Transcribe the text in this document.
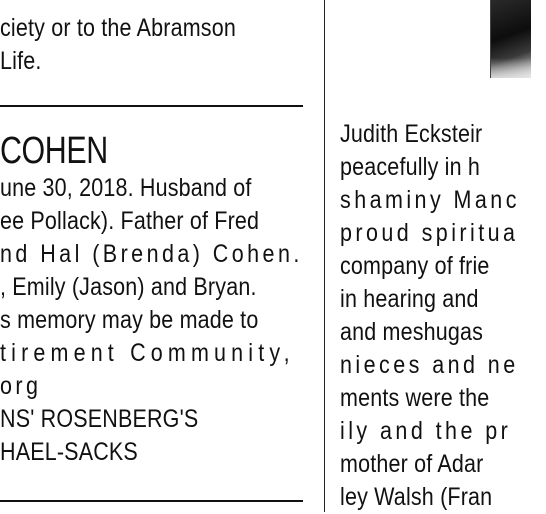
ciety or to the Abramson
Life.
COHEN
une 30, 2018. Husband of
ee Pollack). Father of Fred
nd Hal (Brenda) Cohen.
, Emily (Jason) and Bryan.
s memory may be made to
tirement Community,
org
NS' ROSENBERG'S
HAEL-SACKS
Judith Ecksteir
peacefully in h
shaminy Manc
proud spiritua
company of frie
in hearing and
and meshugas
nieces and ne
ments were the
ily and the pr
mother of Adar
ley Walsh (Fran
